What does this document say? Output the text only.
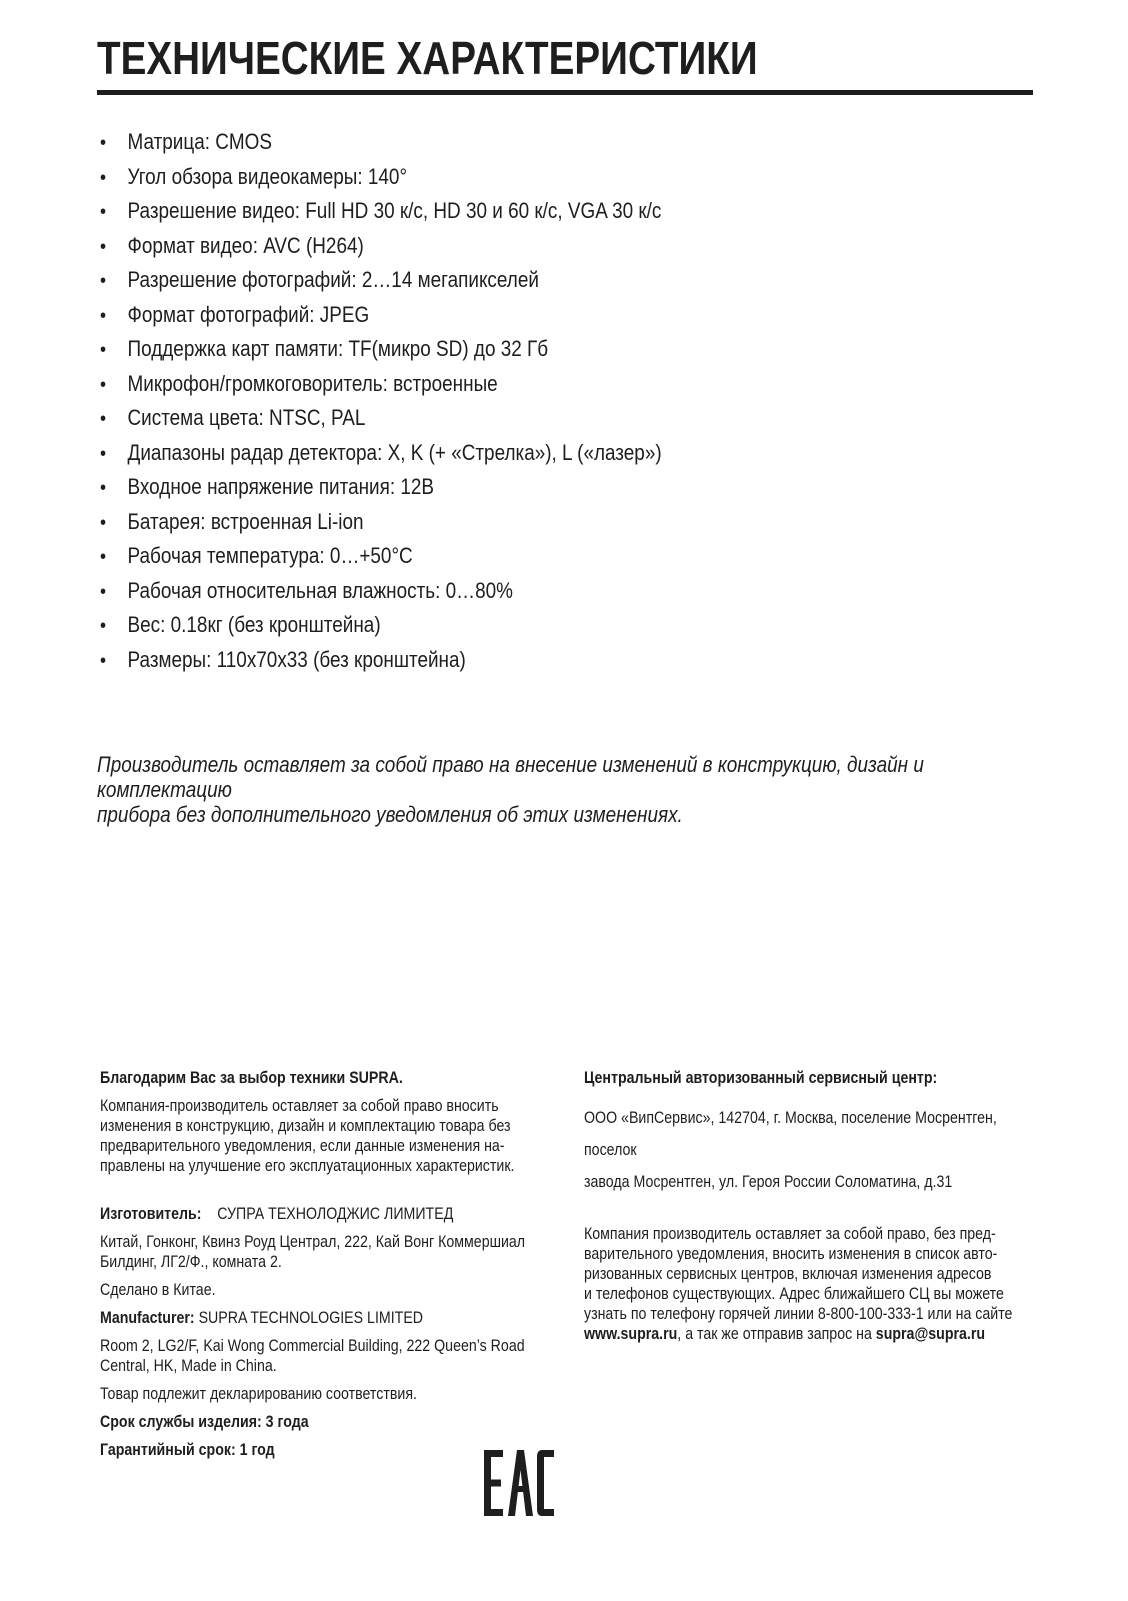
ТЕХНИЧЕСКИЕ ХАРАКТЕРИСТИКИ
• Матрица: CMOS
• Угол обзора видеокамеры: 140°
• Разрешение видео: Full HD 30 к/с, HD 30 и 60 к/с, VGA 30 к/с
• Формат видео: AVC (H264)
• Разрешение фотографий: 2…14 мегапикселей
• Формат фотографий: JPEG
• Поддержка карт памяти: TF(микро SD) до 32 Гб
• Микрофон/громкоговоритель: встроенные
• Система цвета: NTSC, PAL
• Диапазоны радар детектора: X, K (+ «Стрелка»), L («лазер»)
• Входное напряжение питания: 12В
• Батарея: встроенная Li-ion
• Рабочая температура: 0…+50°С
• Рабочая относительная влажность: 0…80%
• Вес: 0.18кг (без кронштейна)
• Размеры: 110x70x33 (без кронштейна)
Производитель оставляет за собой право на внесение изменений в конструкцию, дизайн и комплектацию
прибора без дополнительного уведомления об этих изменениях.
Благодарим Вас за выбор техники SUPRA.
Компания-производитель оставляет за собой право вносить
изменения в конструкцию, дизайн и комплектацию товара без
предварительного уведомления, если данные изменения на-
правлены на улучшение его эксплуатационных характеристик.
Изготовитель: СУПРА ТЕХНОЛОДЖИС ЛИМИТЕД
Китай, Гонконг, Квинз Роуд Централ, 222, Кай Вонг Коммершиал
Билдинг, ЛГ2/Ф., комната 2.
Сделано в Китае.
Manufacturer: SUPRA TECHNOLOGIES LIMITED
Room 2, LG2/F, Kai Wong Commercial Building, 222 Queen’s Road
Central, HK, Made in China.
Товар подлежит декларированию соответствия.
Срок службы изделия: 3 года
Гарантийный срок: 1 год
Центральный авторизованный сервисный центр:
ООО «ВипСервис», 142704, г. Москва, поселение Мосрентген, поселок
завода Мосрентген, ул. Героя России Соломатина, д.31
Компания производитель оставляет за собой право, без пред-
варительного уведомления, вносить изменения в список авто-
ризованных сервисных центров, включая изменения адресов
и телефонов существующих. Адрес ближайшего СЦ вы можете
узнать по телефону горячей линии 8-800-100-333-1 или на сайте
www.supra.ru, а так же отправив запрос на supra@supra.ru
